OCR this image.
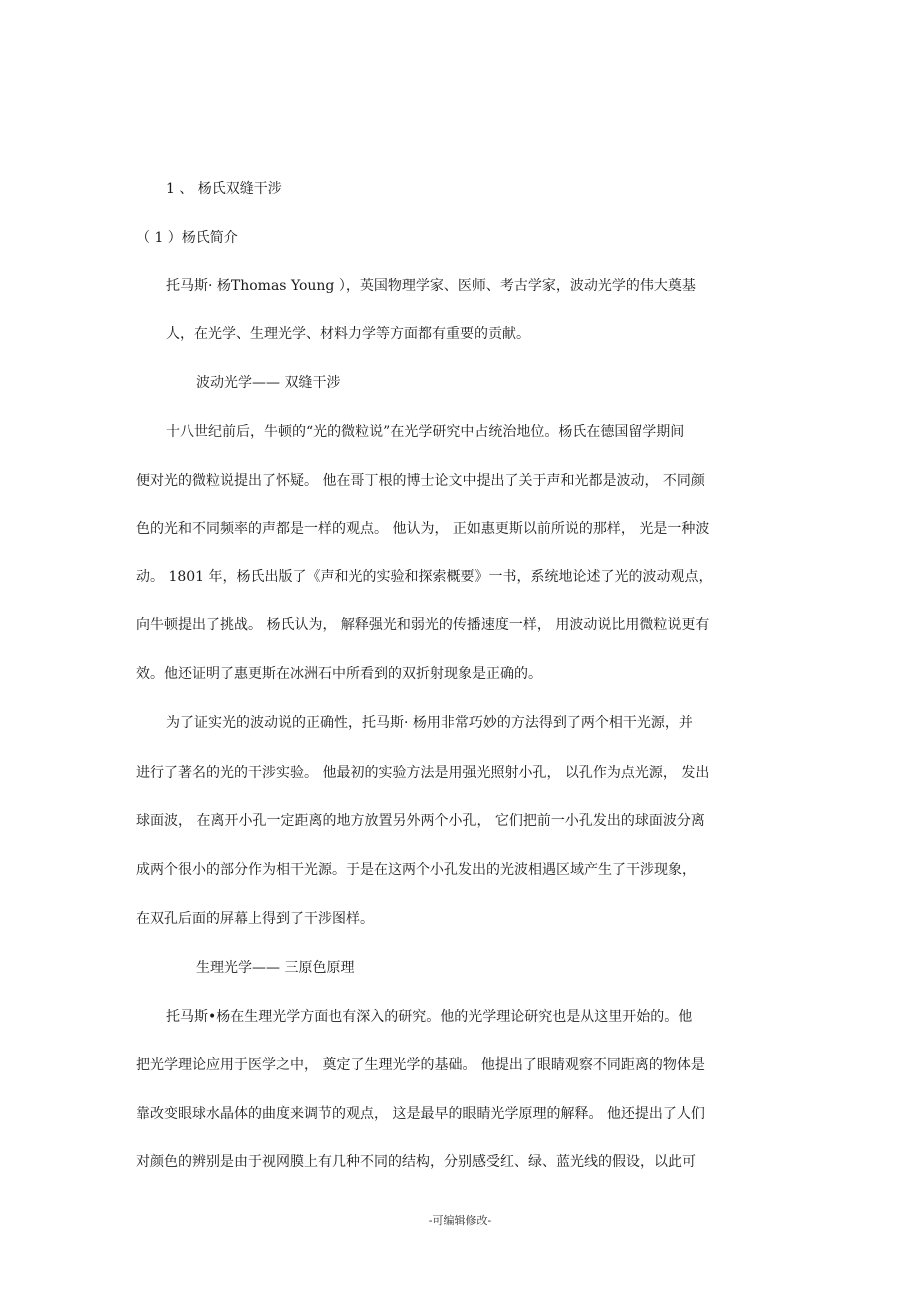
1 、 杨氏双缝干涉

（ 1 ）杨氏简介

托马斯· 杨Thomas Young ），英国物理学家、医师、考古学家，波动光学的伟大奠基

人，在光学、生理光学、材料力学等方面都有重要的贡献。

波动光学—— 双缝干涉

十八世纪前后，牛顿的“光的微粒说”在光学研究中占统治地位。杨氏在德国留学期间

便对光的微粒说提出了怀疑。 他在哥丁根的博士论文中提出了关于声和光都是波动， 不同颜

色的光和不同频率的声都是一样的观点。 他认为， 正如惠更斯以前所说的那样， 光是一种波

动。 1801 年，杨氏出版了《声和光的实验和探索概要》一书，系统地论述了光的波动观点，

向牛顿提出了挑战。 杨氏认为， 解释强光和弱光的传播速度一样， 用波动说比用微粒说更有

效。他还证明了惠更斯在冰洲石中所看到的双折射现象是正确的。

为了证实光的波动说的正确性，托马斯· 杨用非常巧妙的方法得到了两个相干光源，并

进行了著名的光的干涉实验。 他最初的实验方法是用强光照射小孔， 以孔作为点光源， 发出

球面波， 在离开小孔一定距离的地方放置另外两个小孔， 它们把前一小孔发出的球面波分离

成两个很小的部分作为相干光源。于是在这两个小孔发出的光波相遇区域产生了干涉现象，

在双孔后面的屏幕上得到了干涉图样。

生理光学—— 三原色原理

托马斯•杨在生理光学方面也有深入的研究。他的光学理论研究也是从这里开始的。他

把光学理论应用于医学之中， 奠定了生理光学的基础。 他提出了眼睛观察不同距离的物体是

靠改变眼球水晶体的曲度来调节的观点， 这是最早的眼睛光学原理的解释。 他还提出了人们

对颜色的辨别是由于视网膜上有几种不同的结构，分别感受红、绿、蓝光线的假设，以此可

-可编辑修改-
